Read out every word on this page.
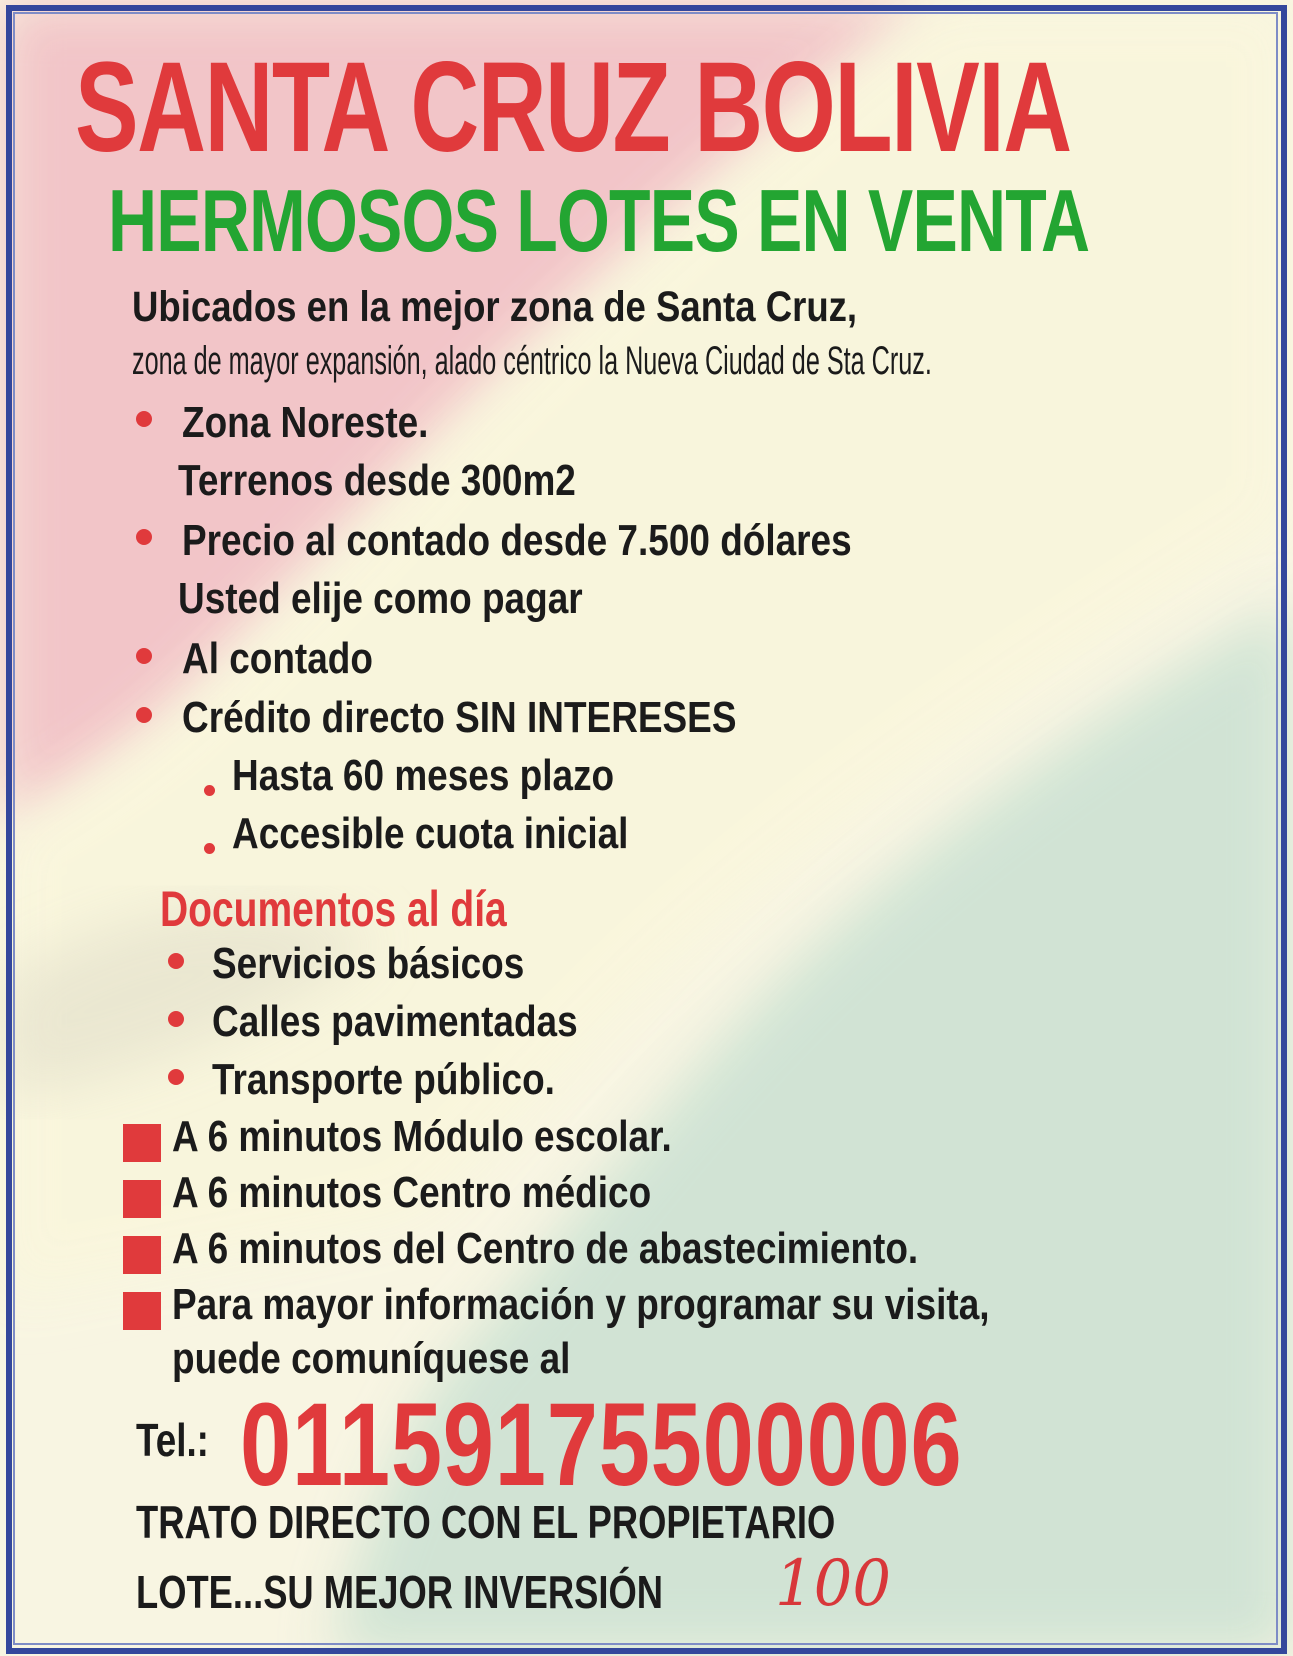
SANTA CRUZ BOLIVIA

HERMOSOS LOTES EN VENTA

Ubicados en la mejor zona de Santa Cruz,

zona de mayor expansión, alado céntrico la Nueva Ciudad de Sta Cruz.

Zona Noreste.

Terrenos desde 300m2

Precio al contado desde 7.500 dólares

Usted elije como pagar

Al contado

Crédito directo SIN INTERESES

Hasta 60 meses plazo

Accesible cuota inicial

Documentos al día

Servicios básicos

Calles pavimentadas

Transporte público.

A 6 minutos Módulo escolar.

A 6 minutos Centro médico

A 6 minutos del Centro de abastecimiento.

Para mayor información y programar su visita,

puede comuníquese al

Tel.: 01159175500006

TRATO DIRECTO CON EL PROPIETARIO

LOTE...SU MEJOR INVERSIÓN 100
